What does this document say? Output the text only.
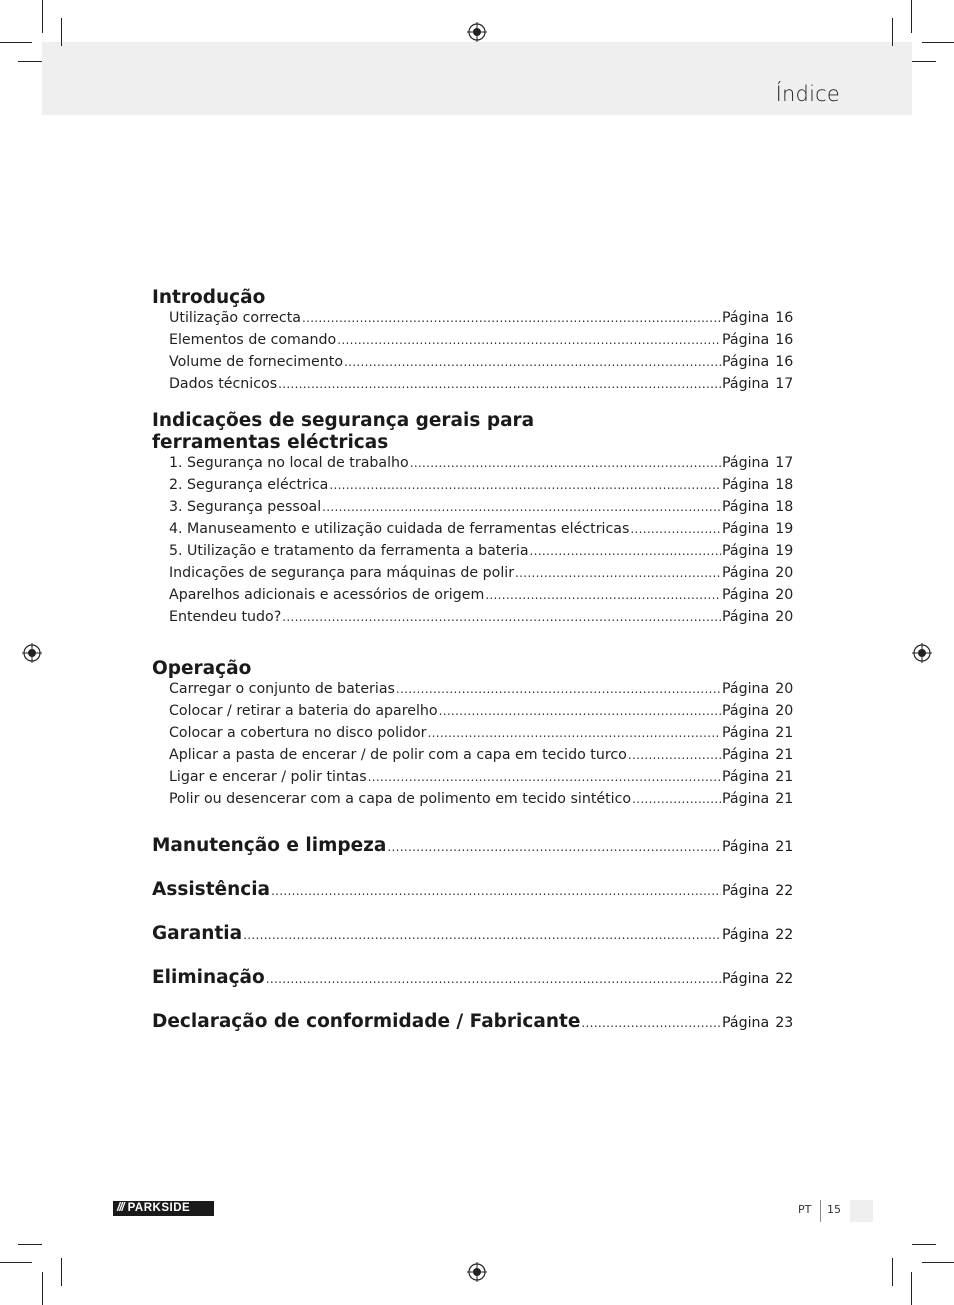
Índice
Introdução
Utilização correcta .....	Página 16
Elementos de comando .....	Página 16
Volume de fornecimento .....	Página 16
Dados técnicos .....	Página 17
Indicações de segurança gerais para
ferramentas eléctricas
1. Segurança no local de trabalho .....	Página 17
2. Segurança eléctrica .....	Página 18
3. Segurança pessoal .....	Página 18
4. Manuseamento e utilização cuidada de ferramentas eléctricas .....	Página 19
5. Utilização e tratamento da ferramenta a bateria .....	Página 19
Indicações de segurança para máquinas de polir .....	Página 20
Aparelhos adicionais e acessórios de origem .....	Página 20
Entendeu tudo? .....	Página 20
Operação
Carregar o conjunto de baterias .....	Página 20
Colocar / retirar a bateria do aparelho .....	Página 20
Colocar a cobertura no disco polidor .....	Página 21
Aplicar a pasta de encerar / de polir com a capa em tecido turco .....	Página 21
Ligar e encerar / polir tintas .....	Página 21
Polir ou desencerar com a capa de polimento em tecido sintético .....	Página 21
Manutenção e limpeza .....	Página 21
Assistência .....	Página 22
Garantia .....	Página 22
Eliminação .....	Página 22
Declaração de conformidade / Fabricante .....	Página 23
/// PARKSIDE	PT 15
